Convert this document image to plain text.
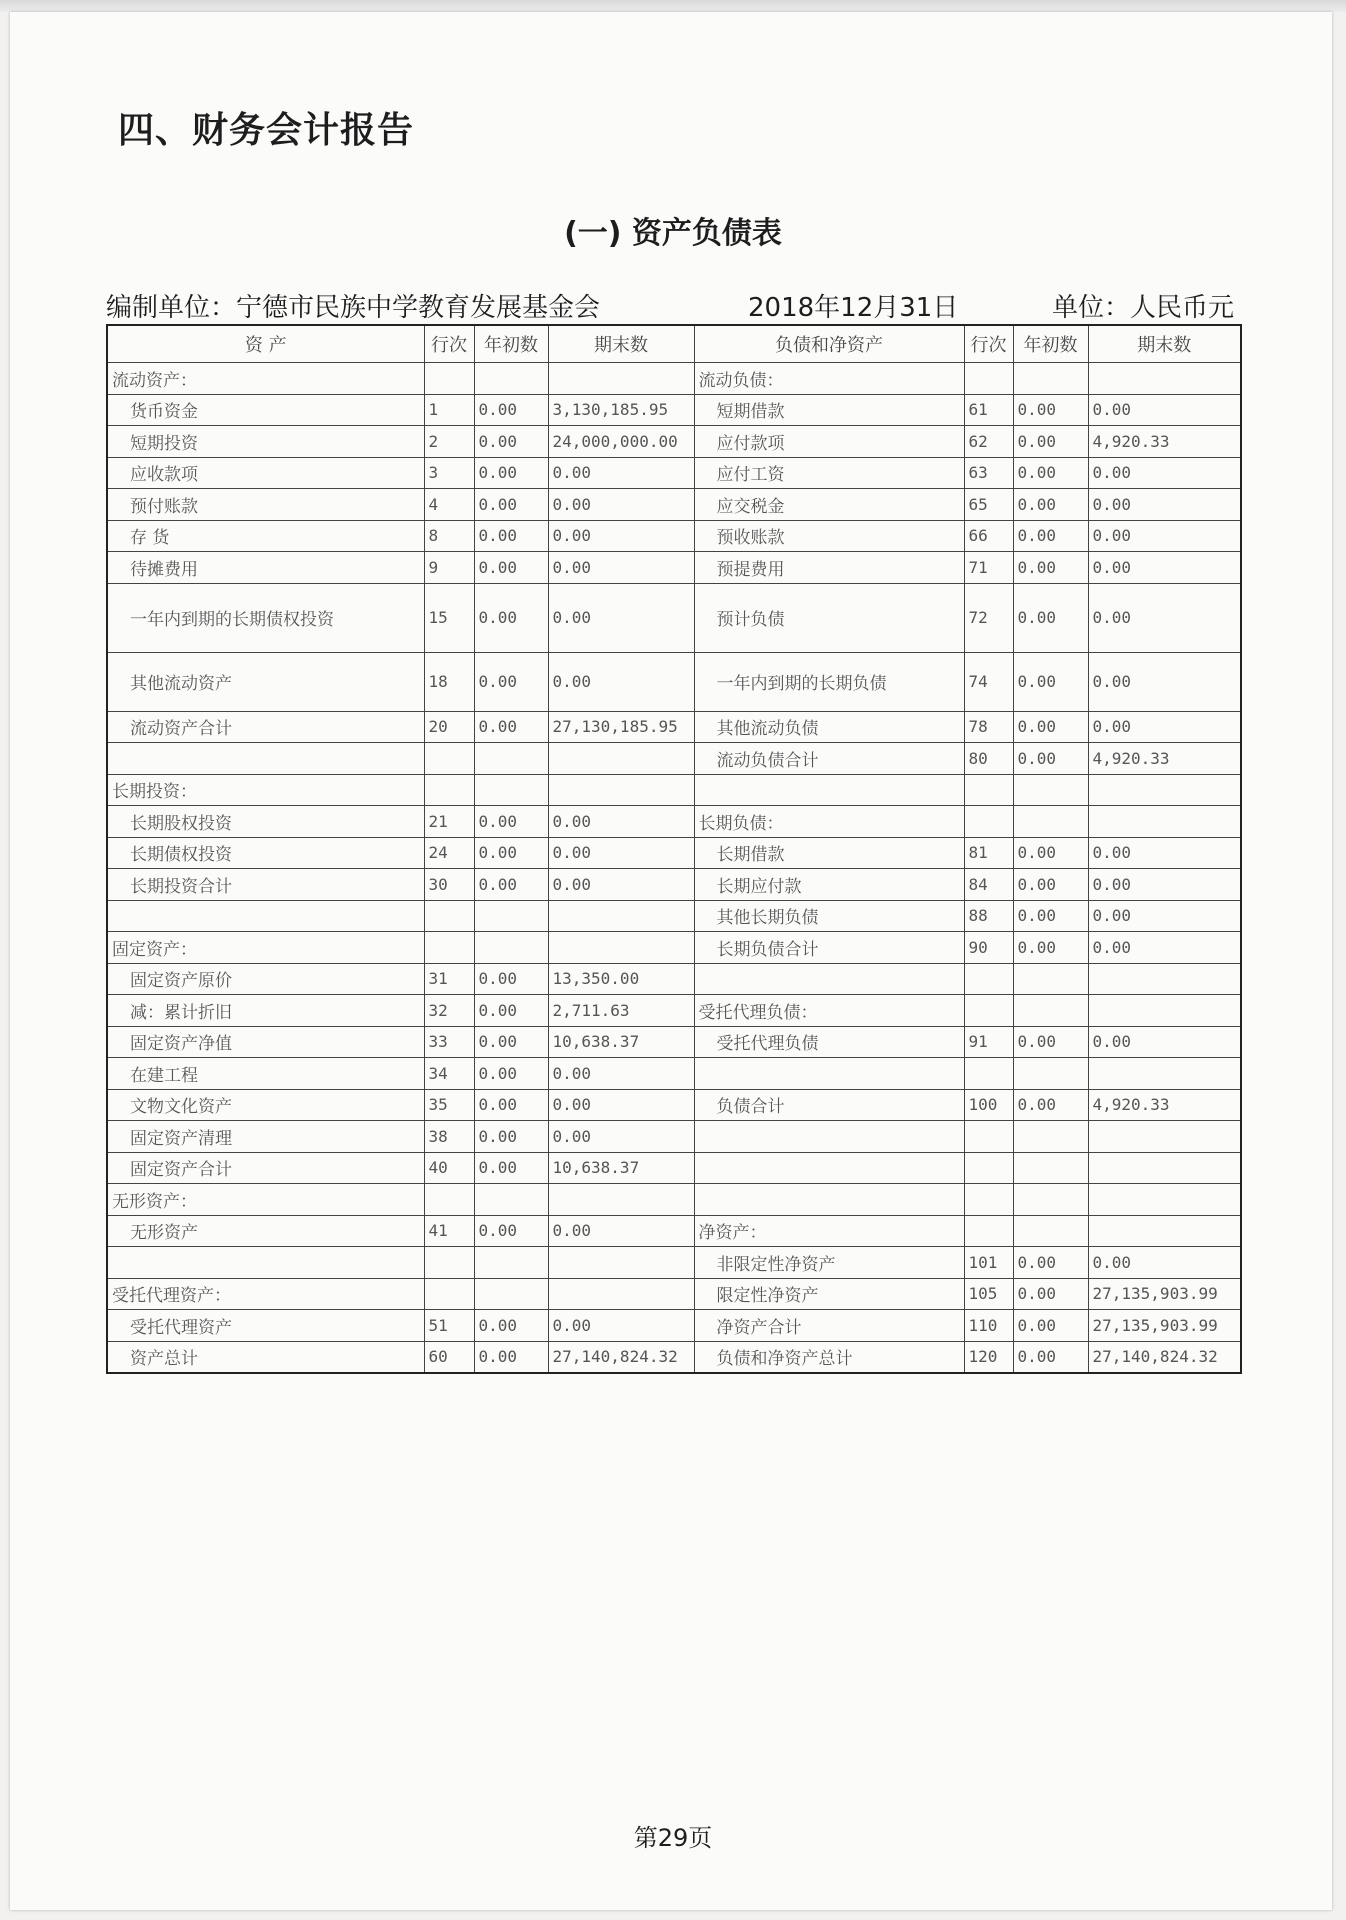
四、财务会计报告
(一) 资产负债表
编制单位：宁德市民族中学教育发展基金会	2018年12月31日	单位：人民币元
资 产	行次	年初数	期末数	负债和净资产	行次	年初数	期末数
流动资产：				流动负债：			
货币资金	1	0.00	3,130,185.95	短期借款	61	0.00	0.00
短期投资	2	0.00	24,000,000.00	应付款项	62	0.00	4,920.33
应收款项	3	0.00	0.00	应付工资	63	0.00	0.00
预付账款	4	0.00	0.00	应交税金	65	0.00	0.00
存 货	8	0.00	0.00	预收账款	66	0.00	0.00
待摊费用	9	0.00	0.00	预提费用	71	0.00	0.00
一年内到期的长期债权投资	15	0.00	0.00	预计负债	72	0.00	0.00
其他流动资产	18	0.00	0.00	一年内到期的长期负债	74	0.00	0.00
流动资产合计	20	0.00	27,130,185.95	其他流动负债	78	0.00	0.00
				流动负债合计	80	0.00	4,920.33
长期投资：							
长期股权投资	21	0.00	0.00	长期负债：			
长期债权投资	24	0.00	0.00	长期借款	81	0.00	0.00
长期投资合计	30	0.00	0.00	长期应付款	84	0.00	0.00
				其他长期负债	88	0.00	0.00
固定资产：				长期负债合计	90	0.00	0.00
固定资产原价	31	0.00	13,350.00				
减：累计折旧	32	0.00	2,711.63	受托代理负债：			
固定资产净值	33	0.00	10,638.37	受托代理负债	91	0.00	0.00
在建工程	34	0.00	0.00				
文物文化资产	35	0.00	0.00	负债合计	100	0.00	4,920.33
固定资产清理	38	0.00	0.00				
固定资产合计	40	0.00	10,638.37				
无形资产：							
无形资产	41	0.00	0.00	净资产：			
				非限定性净资产	101	0.00	0.00
受托代理资产：				限定性净资产	105	0.00	27,135,903.99
受托代理资产	51	0.00	0.00	净资产合计	110	0.00	27,135,903.99
资产总计	60	0.00	27,140,824.32	负债和净资产总计	120	0.00	27,140,824.32
第29页
